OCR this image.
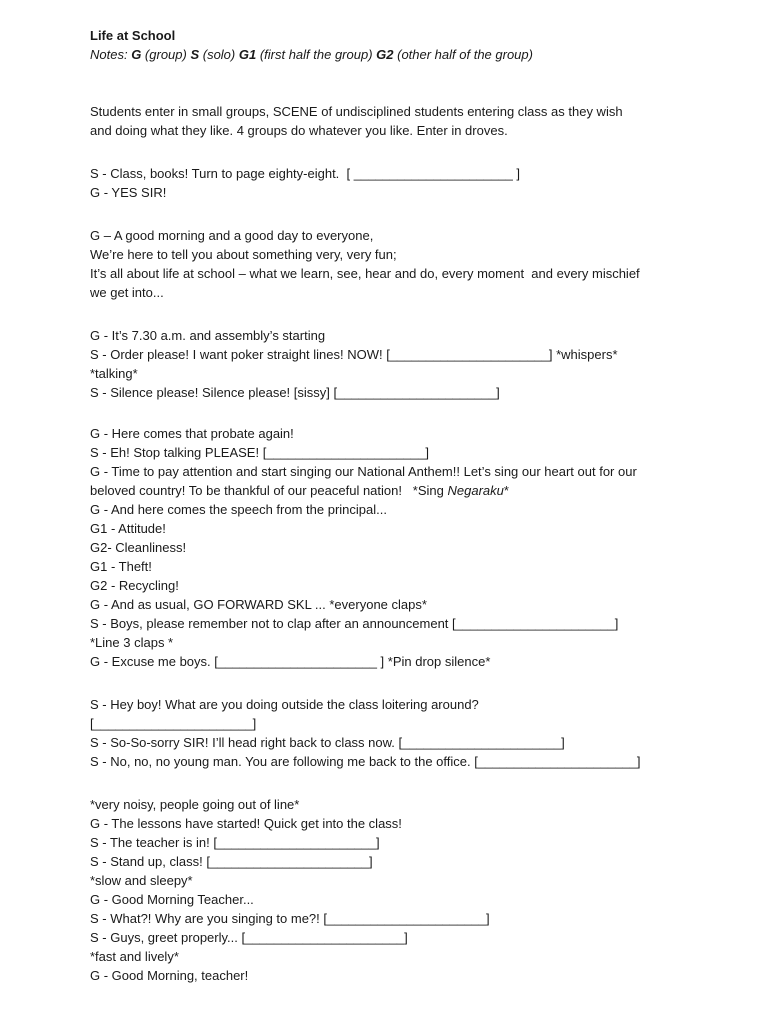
Life at School
Notes: G (group) S (solo) G1 (first half the group) G2 (other half of the group)
Students enter in small groups, SCENE of undisciplined students entering class as they wish
and doing what they like. 4 groups do whatever you like. Enter in droves.
S - Class, books! Turn to page eighty-eight.  [ ______________________ ]
G - YES SIR!
G – A good morning and a good day to everyone,
We’re here to tell you about something very, very fun;
It’s all about life at school – what we learn, see, hear and do, every moment  and every mischief
we get into...
G - It’s 7.30 a.m. and assembly’s starting
S - Order please! I want poker straight lines! NOW! [______________________] *whispers*
*talking*
S - Silence please! Silence please! [sissy] [______________________]
G - Here comes that probate again!
S - Eh! Stop talking PLEASE! [______________________]
G - Time to pay attention and start singing our National Anthem!! Let’s sing our heart out for our
beloved country! To be thankful of our peaceful nation!   *Sing Negaraku*
G - And here comes the speech from the principal...
G1 - Attitude!
G2- Cleanliness!
G1 - Theft!
G2 - Recycling!
G - And as usual, GO FORWARD SKL ... *everyone claps*
S - Boys, please remember not to clap after an announcement [______________________]
*Line 3 claps *
G - Excuse me boys. [______________________ ] *Pin drop silence*
S - Hey boy! What are you doing outside the class loitering around?
[______________________]
S - So-So-sorry SIR! I’ll head right back to class now. [______________________]
S - No, no, no young man. You are following me back to the office. [______________________]
*very noisy, people going out of line*
G - The lessons have started! Quick get into the class!
S - The teacher is in! [______________________]
S - Stand up, class! [______________________]
*slow and sleepy*
G - Good Morning Teacher...
S - What?! Why are you singing to me?! [______________________]
S - Guys, greet properly... [______________________]
*fast and lively*
G - Good Morning, teacher!
